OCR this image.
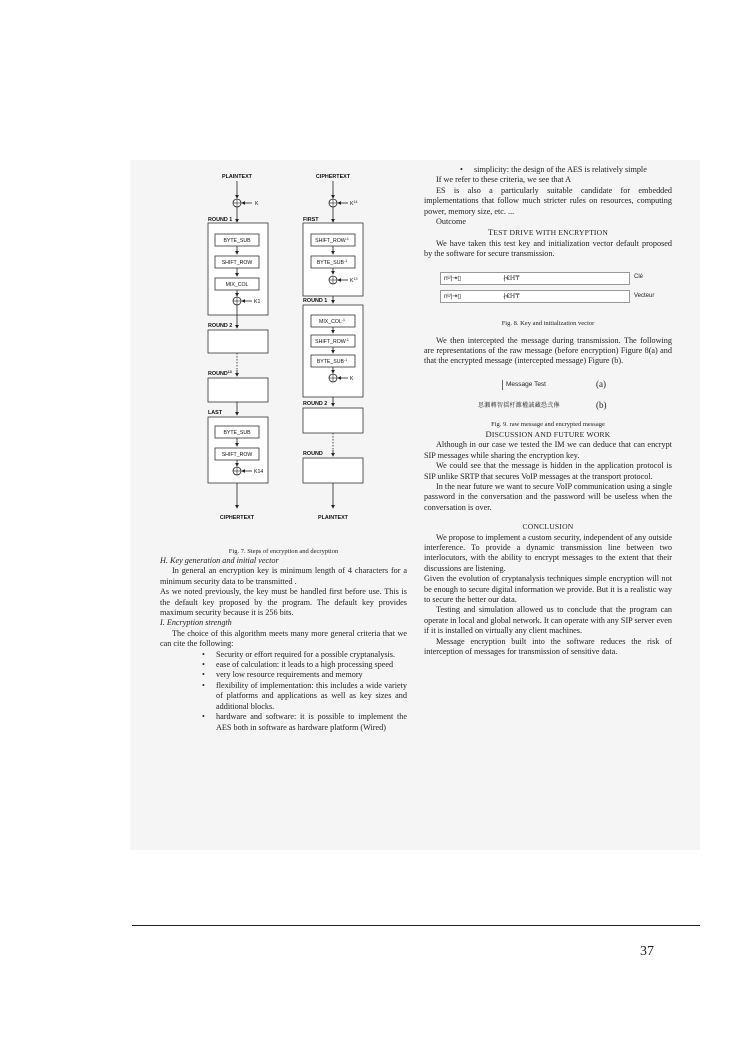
PLAINTEXT
K
ROUND 1
BYTE_SUB
SHIFT_ROW
MIX_COL
K1
ROUND 2
ROUND$^{13}$
LAST
BYTE_SUB
SHIFT_ROW
K14
CIPHERTEXT
CIPHERTEXT
$K^{14}$
FIRST
$SHIFT\_ROW^{-1}$
$BYTE\_SUB^{-1}$
$K^{13}$
ROUND 1
$MIX\_COL^{-1}$
$SHIFT\_ROW^{-1}$
$BYTE\_SUB^{-1}$
K
ROUND 2
ROUND
PLAINTEXT

Fig. 7. Steps of encryption and decryption

H. Key generation and initial vector

In general an encryption key is minimum length of 4 characters for a minimum security data to be transmitted .

As we noted previously, the key must be handled first before use. This is the default key proposed by the program. The default key provides maximum security because it is 256 bits.

I. Encryption strength

The choice of this algorithm meets many more general criteria that we can cite the following:

• Security or effort required for a possible cryptanalysis.
• ease of calculation: it leads to a high processing speed
• very low resource requirements and memory
• flexibility of implementation: this includes a wide variety of platforms and applications as well as key sizes and additional blocks.
• hardware and software: it is possible to implement the AES both in software as hardware platform (Wired)
• simplicity: the design of the AES is relatively simple

If we refer to these criteria, we see that A

ES is also a particularly suitable candidate for embedded implementations that follow much stricter rules on resources, computing power, memory size, etc. ...

Outcome

TEST DRIVE WITH ENCRYPTION

We have taken this test key and initialization vector default proposed by the software for secure transmission.

nᵁ|⇥▯	∤€ℍ₸	Clé
nᵁ|⇥▯	∤€ℍ₸	Vecteur

Fig. 8. Key and initialization vector

We then intercepted the message during transmission. The following are representations of the raw message (before encryption) Figure 8(a) and that the encrypted message (intercepted message) Figure (b).

Message Test	(a)
思瀬轉智揺杅濉權誠藏恐弐㑣	(b)

Fig. 9. raw message and encrypted message

DISCUSSION AND FUTURE WORK

Although in our case we tested the IM we can deduce that can encrypt SIP messages while sharing the encryption key.

We could see that the message is hidden in the application protocol is SIP unlike SRTP that secures VoIP messages at the transport protocol.

In the near future we want to secure VoIP communication using a single password in the conversation and the password will be useless when the conversation is over.

CONCLUSION

We propose to implement a custom security, independent of any outside interference. To provide a dynamic transmission line between two interlocutors, with the ability to encrypt messages to the extent that their discussions are listening.

Given the evolution of cryptanalysis techniques simple encryption will not be enough to secure digital information we provide. But it is a realistic way to secure the better our data.

Testing and simulation allowed us to conclude that the program can operate in local and global network. It can operate with any SIP server even if it is installed on virtually any client machines.

Message encryption built into the software reduces the risk of interception of messages for transmission of sensitive data.

37
